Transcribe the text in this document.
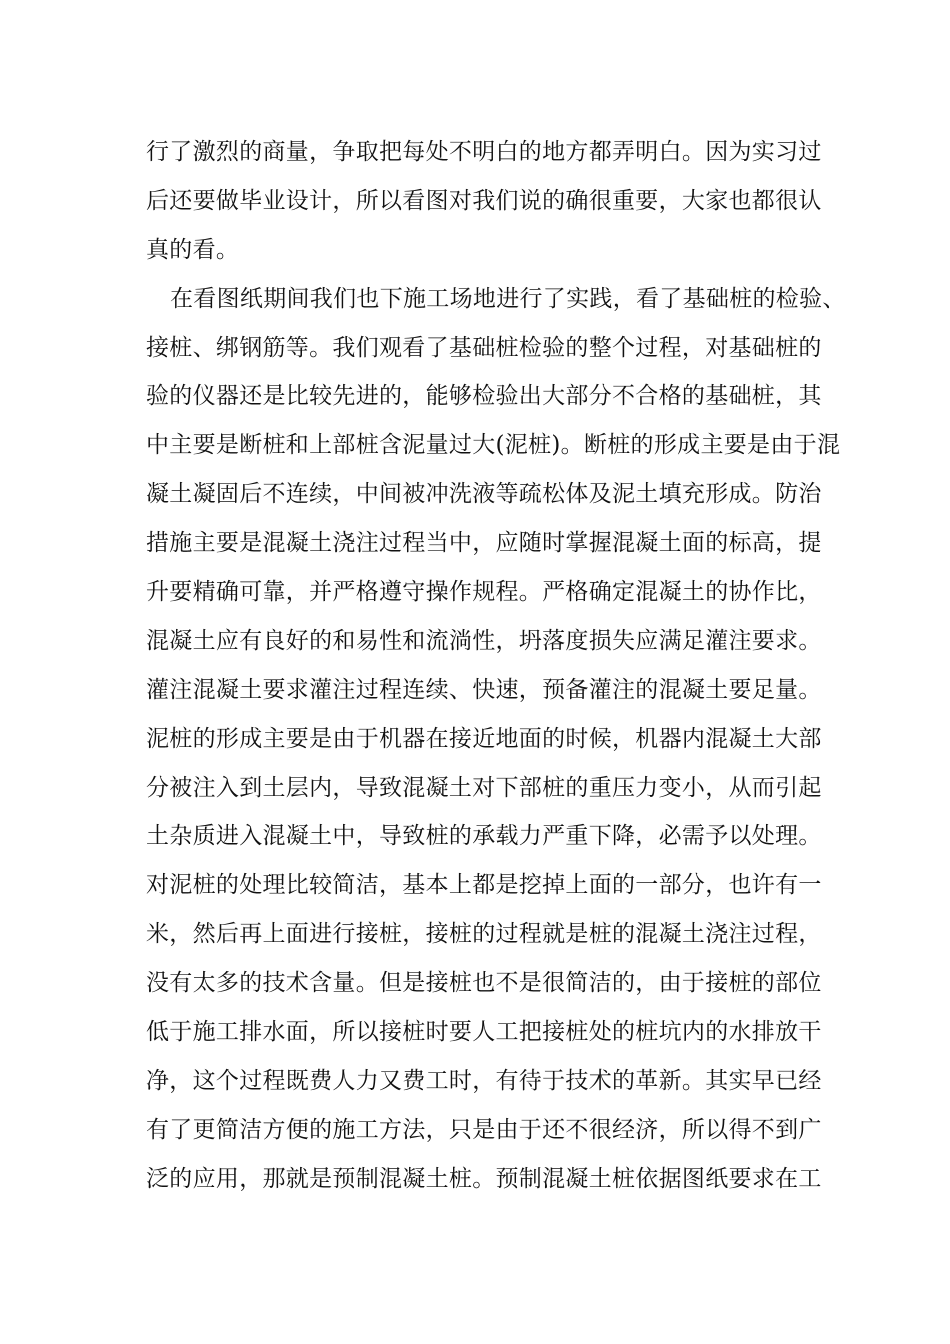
行了激烈的商量，争取把每处不明白的地方都弄明白。因为实习过
后还要做毕业设计，所以看图对我们说的确很重要，大家也都很认
真的看。
在看图纸期间我们也下施工场地进行了实践，看了基础桩的检验、
接桩、绑钢筋等。我们观看了基础桩检验的整个过程，对基础桩的
验的仪器还是比较先进的，能够检验出大部分不合格的基础桩，其
中主要是断桩和上部桩含泥量过大(泥桩)。断桩的形成主要是由于混
凝土凝固后不连续，中间被冲洗液等疏松体及泥土填充形成。防治
措施主要是混凝土浇注过程当中，应随时掌握混凝土面的标高，提
升要精确可靠，并严格遵守操作规程。严格确定混凝土的协作比，
混凝土应有良好的和易性和流淌性，坍落度损失应满足灌注要求。
灌注混凝土要求灌注过程连续、快速，预备灌注的混凝土要足量。
泥桩的形成主要是由于机器在接近地面的时候，机器内混凝土大部
分被注入到土层内，导致混凝土对下部桩的重压力变小，从而引起
土杂质进入混凝土中，导致桩的承载力严重下降，必需予以处理。
对泥桩的处理比较简洁，基本上都是挖掉上面的一部分，也许有一
米，然后再上面进行接桩，接桩的过程就是桩的混凝土浇注过程，
没有太多的技术含量。但是接桩也不是很简洁的，由于接桩的部位
低于施工排水面，所以接桩时要人工把接桩处的桩坑内的水排放干
净，这个过程既费人力又费工时，有待于技术的革新。其实早已经
有了更简洁方便的施工方法，只是由于还不很经济，所以得不到广
泛的应用，那就是预制混凝土桩。预制混凝土桩依据图纸要求在工
